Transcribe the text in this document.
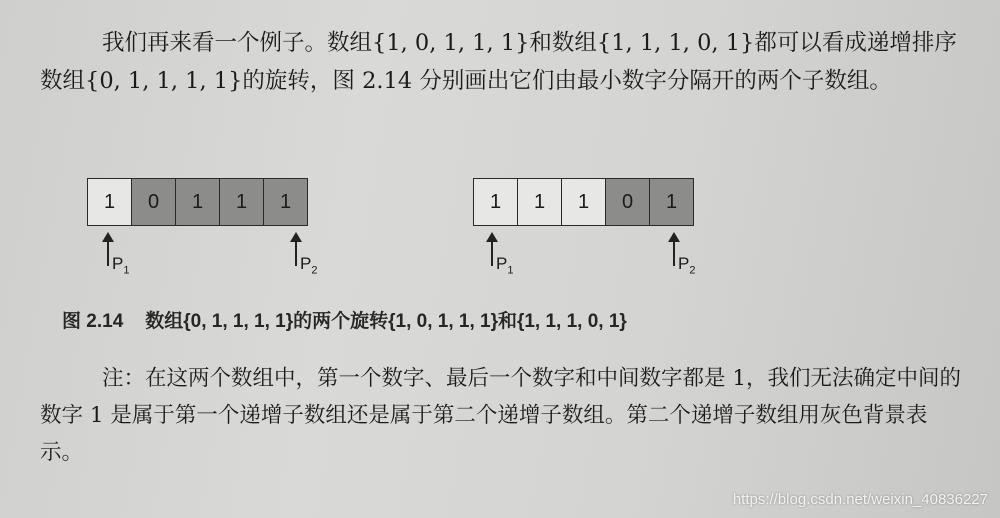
我们再来看一个例子。数组{1, 0, 1, 1, 1}和数组{1, 1, 1, 0, 1}都可以看成递增排序数组{0, 1, 1, 1, 1}的旋转，图 2.14 分别画出它们由最小数字分隔开的两个子数组。

1	0	1	1	1
$P_1$	$P_2$
1	1	1	0	1
$P_1$	$P_2$
图 2.14 数组{0, 1, 1, 1, 1}的两个旋转{1, 0, 1, 1, 1}和{1, 1, 1, 0, 1}

注：在这两个数组中，第一个数字、最后一个数字和中间数字都是 1，我们无法确定中间的数字 1 是属于第一个递增子数组还是属于第二个递增子数组。第二个递增子数组用灰色背景表示。

https://blog.csdn.net/weixin_40836227
